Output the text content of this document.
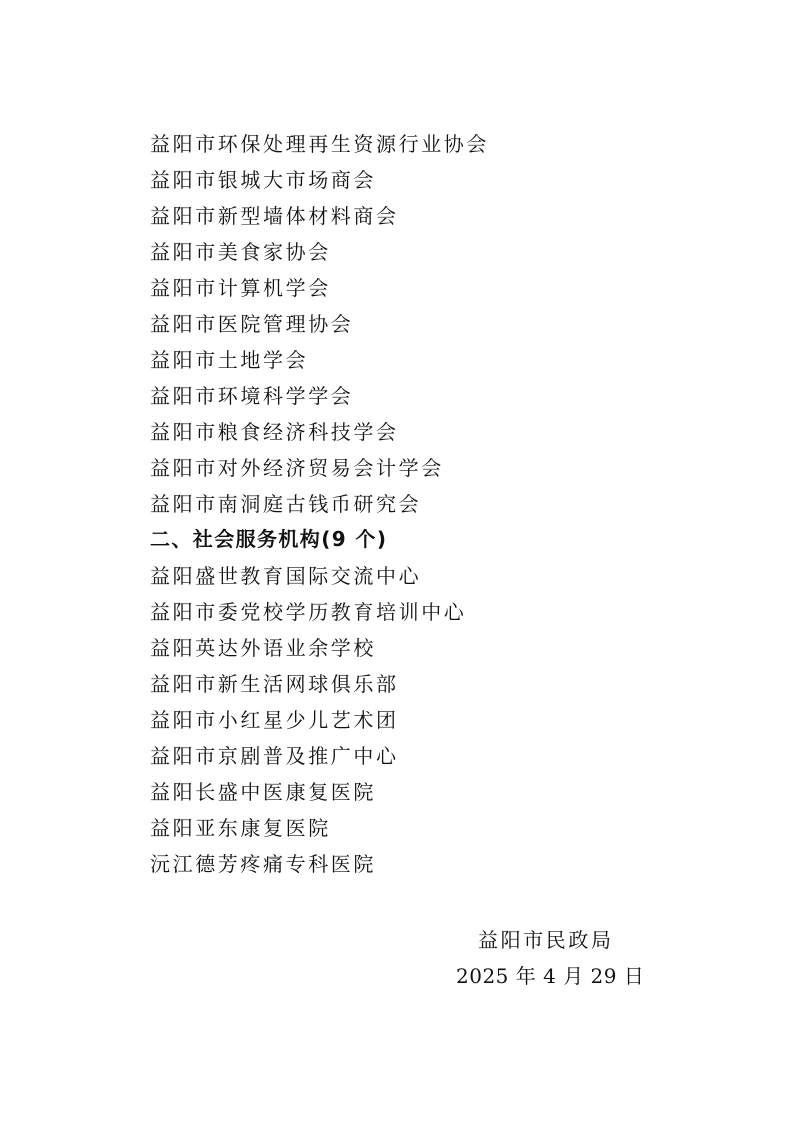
益阳市环保处理再生资源行业协会
益阳市银城大市场商会
益阳市新型墙体材料商会
益阳市美食家协会
益阳市计算机学会
益阳市医院管理协会
益阳市土地学会
益阳市环境科学学会
益阳市粮食经济科技学会
益阳市对外经济贸易会计学会
益阳市南洞庭古钱币研究会
二、社会服务机构(9 个)
益阳盛世教育国际交流中心
益阳市委党校学历教育培训中心
益阳英达外语业余学校
益阳市新生活网球俱乐部
益阳市小红星少儿艺术团
益阳市京剧普及推广中心
益阳长盛中医康复医院
益阳亚东康复医院
沅江德芳疼痛专科医院
益阳市民政局
2025 年 4 月 29 日
